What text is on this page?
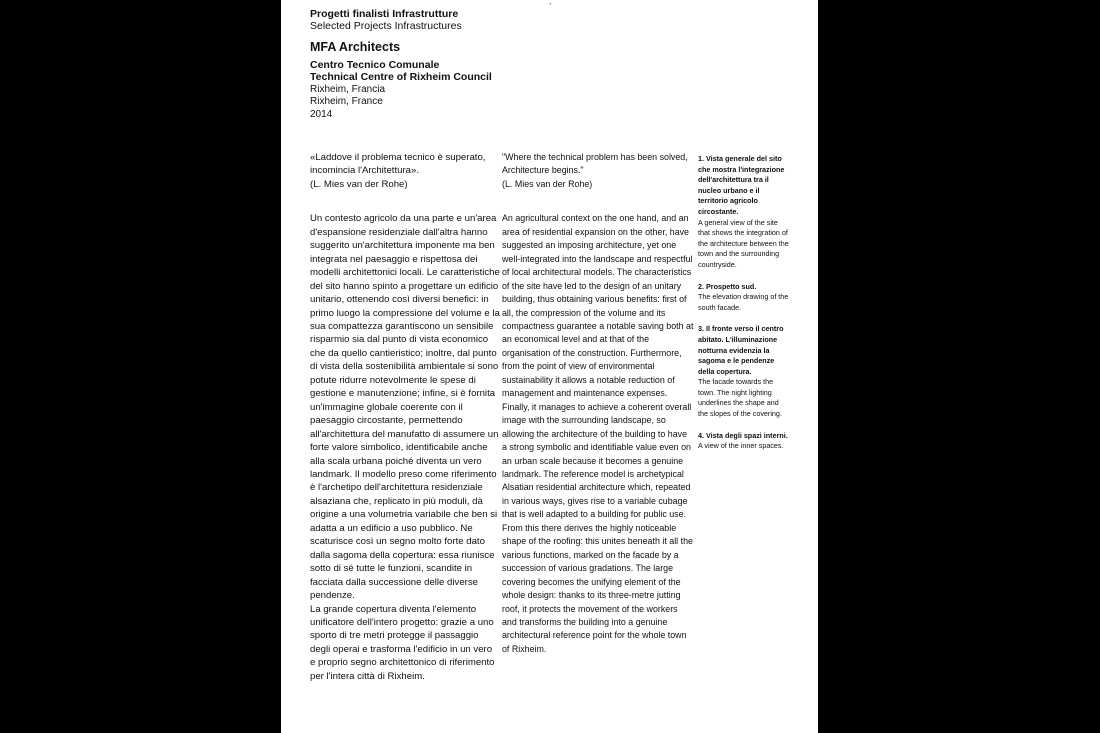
`
Progetti finalisti Infrastrutture
Selected Projects Infrastructures
MFA Architects
Centro Tecnico Comunale
Technical Centre of Rixheim Council
Rixheim, Francia
Rixheim, France
2014

«Laddove il problema tecnico è superato,

incomincia l'Architettura».

(L. Mies van der Rohe)

Un contesto agricolo da una parte e un'area d'espansione residenziale dall'altra hanno suggerito un'architettura imponente ma ben integrata nel paesaggio e rispettosa dei modelli architettonici locali. Le caratteristiche del sito hanno spinto a progettare un edificio unitario, ottenendo così diversi benefici: in primo luogo la compressione del volume e la sua compattezza garantiscono un sensibile risparmio sia dal punto di vista economico che da quello cantieristico; inoltre, dal punto di vista della sostenibilità ambientale si sono potute ridurre notevolmente le spese di gestione e manutenzione; infine, si è fornita un'immagine globale coerente con il paesaggio circostante, permettendo all'architettura del manufatto di assumere un forte valore simbolico, identificabile anche alla scala urbana poiché diventa un vero landmark. Il modello preso come riferimento è l'archetipo dell'architettura residenziale alsaziana che, replicato in più moduli, dà origine a una volumetria variabile che ben si adatta a un edificio a uso pubblico. Ne scaturisce così un segno molto forte dato dalla sagoma della copertura: essa riunisce sotto di sé tutte le funzioni, scandite in facciata dalla successione delle diverse pendenze.

La grande copertura diventa l'elemento unificatore dell'intero progetto: grazie a uno sporto di tre metri protegge il passaggio degli operai e trasforma l'edificio in un vero e proprio segno architettonico di riferimento per l'intera città di Rixheim.

"Where the technical problem has been solved,

Architecture begins."

(L. Mies van der Rohe)

An agricultural context on the one hand, and an area of residential expansion on the other, have suggested an imposing architecture, yet one well-integrated into the landscape and respectful of local architectural models. The characteristics of the site have led to the design of an unitary building, thus obtaining various benefits: first of all, the compression of the volume and its compactness guarantee a notable saving both at an economical level and at that of the organisation of the construction. Furthermore, from the point of view of environmental sustainability it allows a notable reduction of management and maintenance expenses. Finally, it manages to achieve a coherent overall image with the surrounding landscape, so allowing the architecture of the building to have a strong symbolic and identifiable value even on an urban scale because it becomes a genuine landmark. The reference model is archetypical Alsatian residential architecture which, repeated in various ways, gives rise to a variable cubage that is well adapted to a building for public use. From this there derives the highly noticeable shape of the roofing: this unites beneath it all the various functions, marked on the facade by a succession of various gradations. The large covering becomes the unifying element of the whole design: thanks to its three-metre jutting roof, it protects the movement of the workers and transforms the building into a genuine architectural reference point for the whole town of Rixheim.

1. Vista generale del sito che mostra l'integrazione dell'architettura tra il nucleo urbano e il territorio agricolo circostante.
A general view of the site that shows the integration of the architecture between the town and the surrounding countryside.
2. Prospetto sud.
The elevation drawing of the south facade.
3. Il fronte verso il centro abitato. L'illuminazione notturna evidenzia la sagoma e le pendenze della copertura.
The facade towards the town. The night lighting underlines the shape and the slopes of the covering.
4. Vista degli spazi interni.
A view of the inner spaces.
